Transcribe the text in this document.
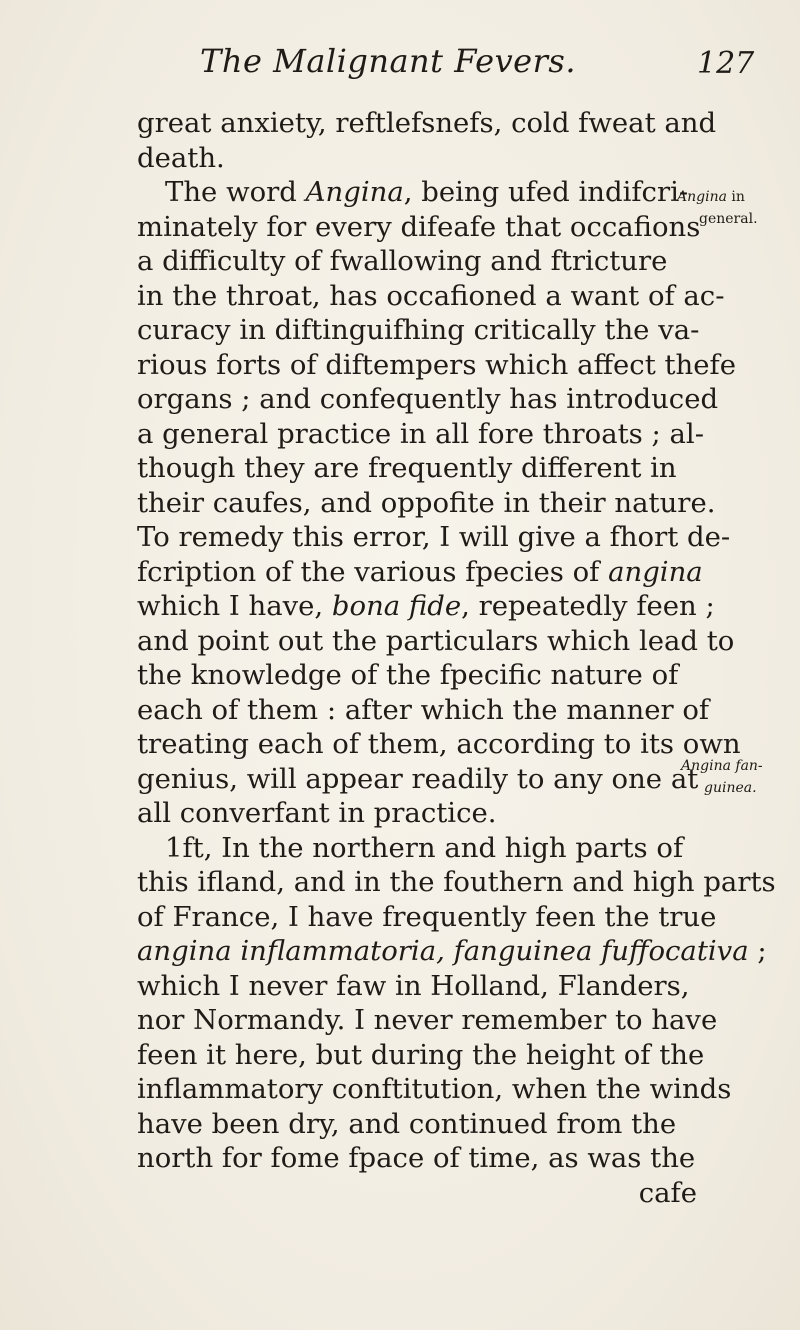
The Malignant Fevers.	127
great anxiety, reftlefsnefs, cold fweat and
death.
The word Angina, being ufed indifcri-
minately for every difeafe that occafions
a difficulty of fwallowing and ftricture
in the throat, has occafioned a want of ac-
curacy in diftinguifhing critically the va-
rious forts of diftempers which affect thefe
organs ; and confequently has introduced
a general practice in all fore throats ; al-
though they are frequently different in
their caufes, and oppofite in their nature.
To remedy this error, I will give a fhort de-
fcription of the various fpecies of angina
which I have, bona fide, repeatedly feen ;
and point out the particulars which lead to
the knowledge of the fpecific nature of
each of them : after which the manner of
treating each of them, according to its own
genius, will appear readily to any one at
all converfant in practice.
1ft, In the northern and high parts of
this ifland, and in the fouthern and high parts
of France, I have frequently feen the true
angina inflammatoria, fanguinea fuffocativa ;
which I never faw in Holland, Flanders,
nor Normandy. I never remember to have
feen it here, but during the height of the
inflammatory conftitution, when the winds
have been dry, and continued from the
north for fome fpace of time, as was the
cafe
Angina in
general.
Angina fan-
guinea.
